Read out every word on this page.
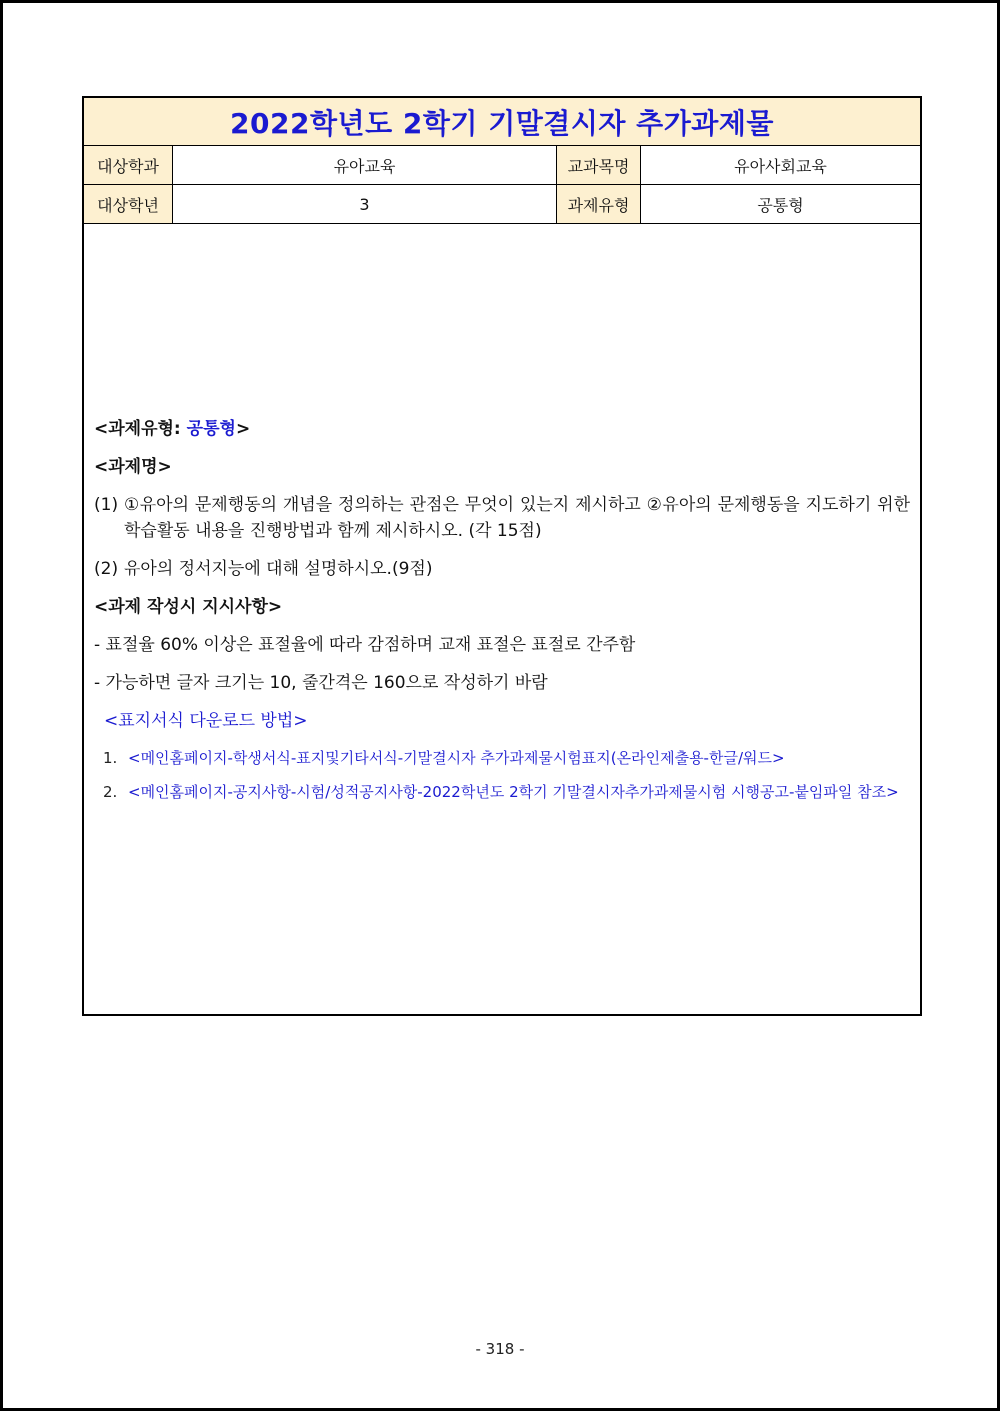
2022학년도 2학기 기말결시자 추가과제물
대상학과	유아교육	교과목명	유아사회교육
대상학년	3	과제유형	공통형

<과제유형: 공통형>

<과제명>

(1) ①유아의 문제행동의 개념을 정의하는 관점은 무엇이 있는지 제시하고 ②유아의 문제행동을 지도하기 위한 학습활동 내용을 진행방법과 함께 제시하시오. (각 15점)
(2) 유아의 정서지능에 대해 설명하시오.(9점)

<과제 작성시 지시사항>

- 표절율 60% 이상은 표절율에 따라 감점하며 교재 표절은 표절로 간주함

- 가능하면 글자 크기는 10, 줄간격은 160으로 작성하기 바람

<표지서식 다운로드 방법>

1. <메인홈페이지-학생서식-표지및기타서식-기말결시자 추가과제물시험표지(온라인제출용-한글/워드>
2. <메인홈페이지-공지사항-시험/성적공지사항-2022학년도 2학기 기말결시자추가과제물시험 시행공고-붙임파일 참조>
- 318 -
